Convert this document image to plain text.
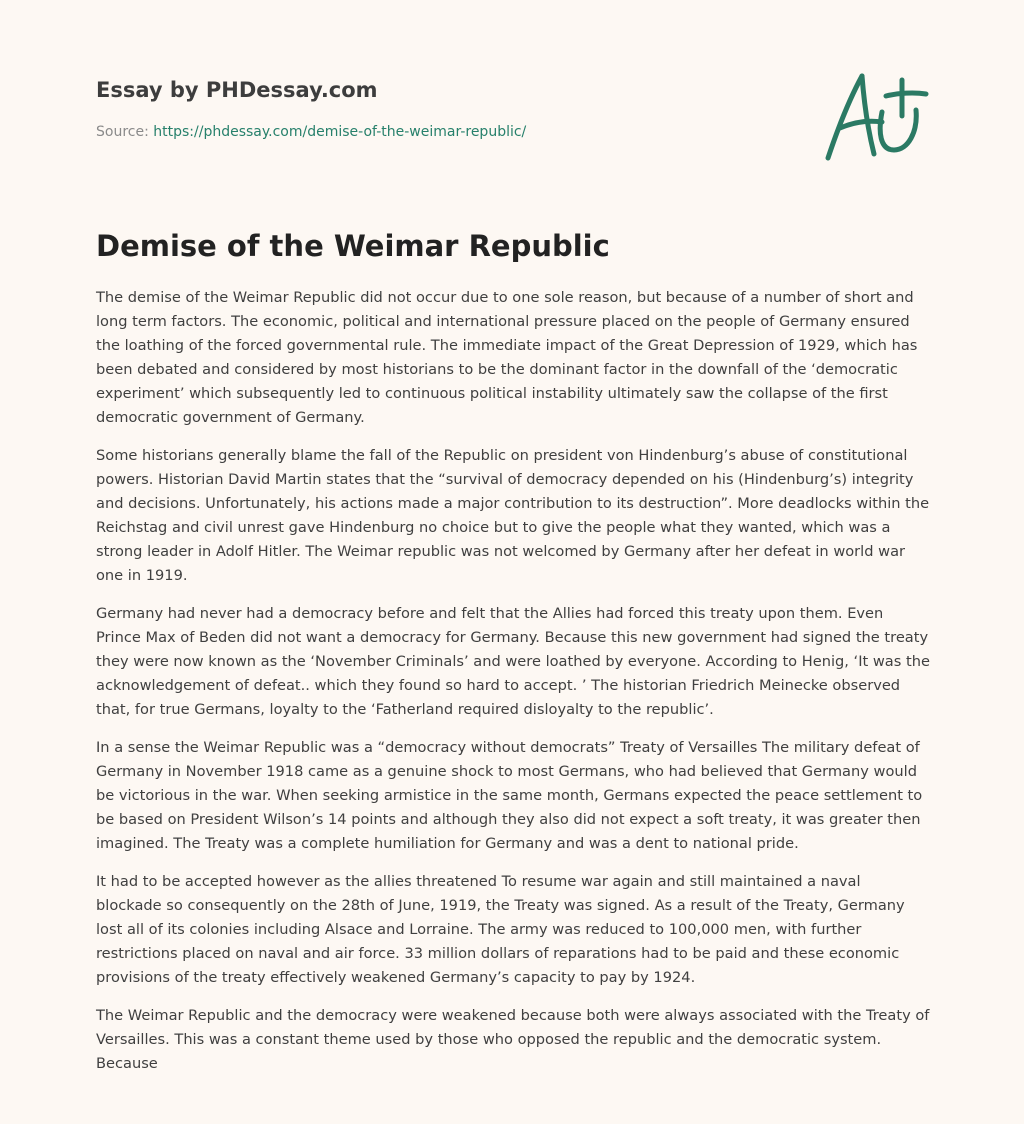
Essay by PHDessay.com
Source: https://phdessay.com/demise-of-the-weimar-republic/
Demise of the Weimar Republic

The demise of the Weimar Republic did not occur due to one sole reason, but because of a number of short and long term factors. The economic, political and international pressure placed on the people of Germany ensured the loathing of the forced governmental rule. The immediate impact of the Great Depression of 1929, which has been debated and considered by most historians to be the dominant factor in the downfall of the ‘democratic experiment’ which subsequently led to continuous political instability ultimately saw the collapse of the first democratic government of Germany.

Some historians generally blame the fall of the Republic on president von Hindenburg’s abuse of constitutional powers. Historian David Martin states that the “survival of democracy depended on his (Hindenburg’s) integrity and decisions. Unfortunately, his actions made a major contribution to its destruction”. More deadlocks within the Reichstag and civil unrest gave Hindenburg no choice but to give the people what they wanted, which was a strong leader in Adolf Hitler. The Weimar republic was not welcomed by Germany after her defeat in world war one in 1919.

Germany had never had a democracy before and felt that the Allies had forced this treaty upon them. Even Prince Max of Beden did not want a democracy for Germany. Because this new government had signed the treaty they were now known as the ‘November Criminals’ and were loathed by everyone. According to Henig, ‘It was the acknowledgement of defeat.. which they found so hard to accept. ’ The historian Friedrich Meinecke observed that, for true Germans, loyalty to the ‘Fatherland required disloyalty to the republic’.

In a sense the Weimar Republic was a “democracy without democrats” Treaty of Versailles The military defeat of Germany in November 1918 came as a genuine shock to most Germans, who had believed that Germany would be victorious in the war. When seeking armistice in the same month, Germans expected the peace settlement to be based on President Wilson’s 14 points and although they also did not expect a soft treaty, it was greater then imagined. The Treaty was a complete humiliation for Germany and was a dent to national pride.

It had to be accepted however as the allies threatened To resume war again and still maintained a naval blockade so consequently on the 28th of June, 1919, the Treaty was signed. As a result of the Treaty, Germany lost all of its colonies including Alsace and Lorraine. The army was reduced to 100,000 men, with further restrictions placed on naval and air force. 33 million dollars of reparations had to be paid and these economic provisions of the treaty effectively weakened Germany’s capacity to pay by 1924.

The Weimar Republic and the democracy were weakened because both were always associated with the Treaty of Versailles. This was a constant theme used by those who opposed the republic and the democratic system. Because
